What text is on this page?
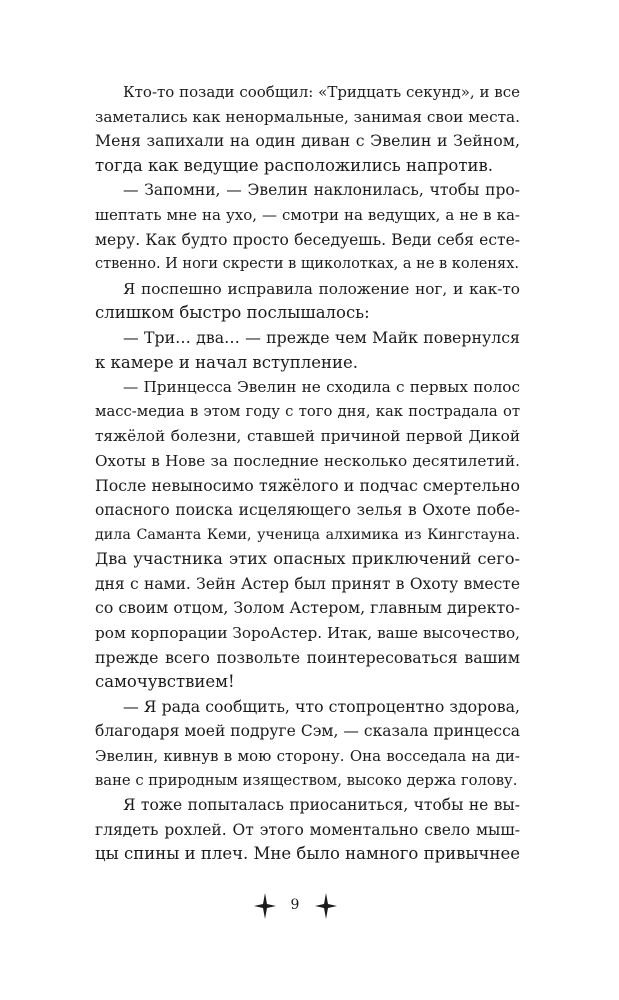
Кто-то позади сообщил: «Тридцать секунд», и все
заметались как ненормальные, занимая свои места.
Меня запихали на один диван с Эвелин и Зейном,
тогда как ведущие расположились напротив.
— Запомни, — Эвелин наклонилась, чтобы про-
шептать мне на ухо, — смотри на ведущих, а не в ка-
меру. Как будто просто беседуешь. Веди себя есте-
ственно. И ноги скрести в щиколотках, а не в коленях.
Я поспешно исправила положение ног, и как-то
слишком быстро послышалось:
— Три… два… — прежде чем Майк повернулся
к камере и начал вступление.
— Принцесса Эвелин не сходила с первых полос
масс-медиа в этом году с того дня, как пострадала от
тяжёлой болезни, ставшей причиной первой Дикой
Охоты в Нове за последние несколько десятилетий.
После невыносимо тяжёлого и подчас смертельно
опасного поиска исцеляющего зелья в Охоте побе-
дила Саманта Кеми, ученица алхимика из Кингстауна.
Два участника этих опасных приключений сего-
дня с нами. Зейн Астер был принят в Охоту вместе
со своим отцом, Золом Астером, главным директо-
ром корпорации ЗороАстер. Итак, ваше высочество,
прежде всего позвольте поинтересоваться вашим
самочувствием!
— Я рада сообщить, что стопроцентно здорова,
благодаря моей подруге Сэм, — сказала принцесса
Эвелин, кивнув в мою сторону. Она восседала на ди-
ване с природным изяществом, высоко держа голову.
Я тоже попыталась приосаниться, чтобы не вы-
глядеть рохлей. От этого моментально свело мыш-
цы спины и плеч. Мне было намного привычнее
9
